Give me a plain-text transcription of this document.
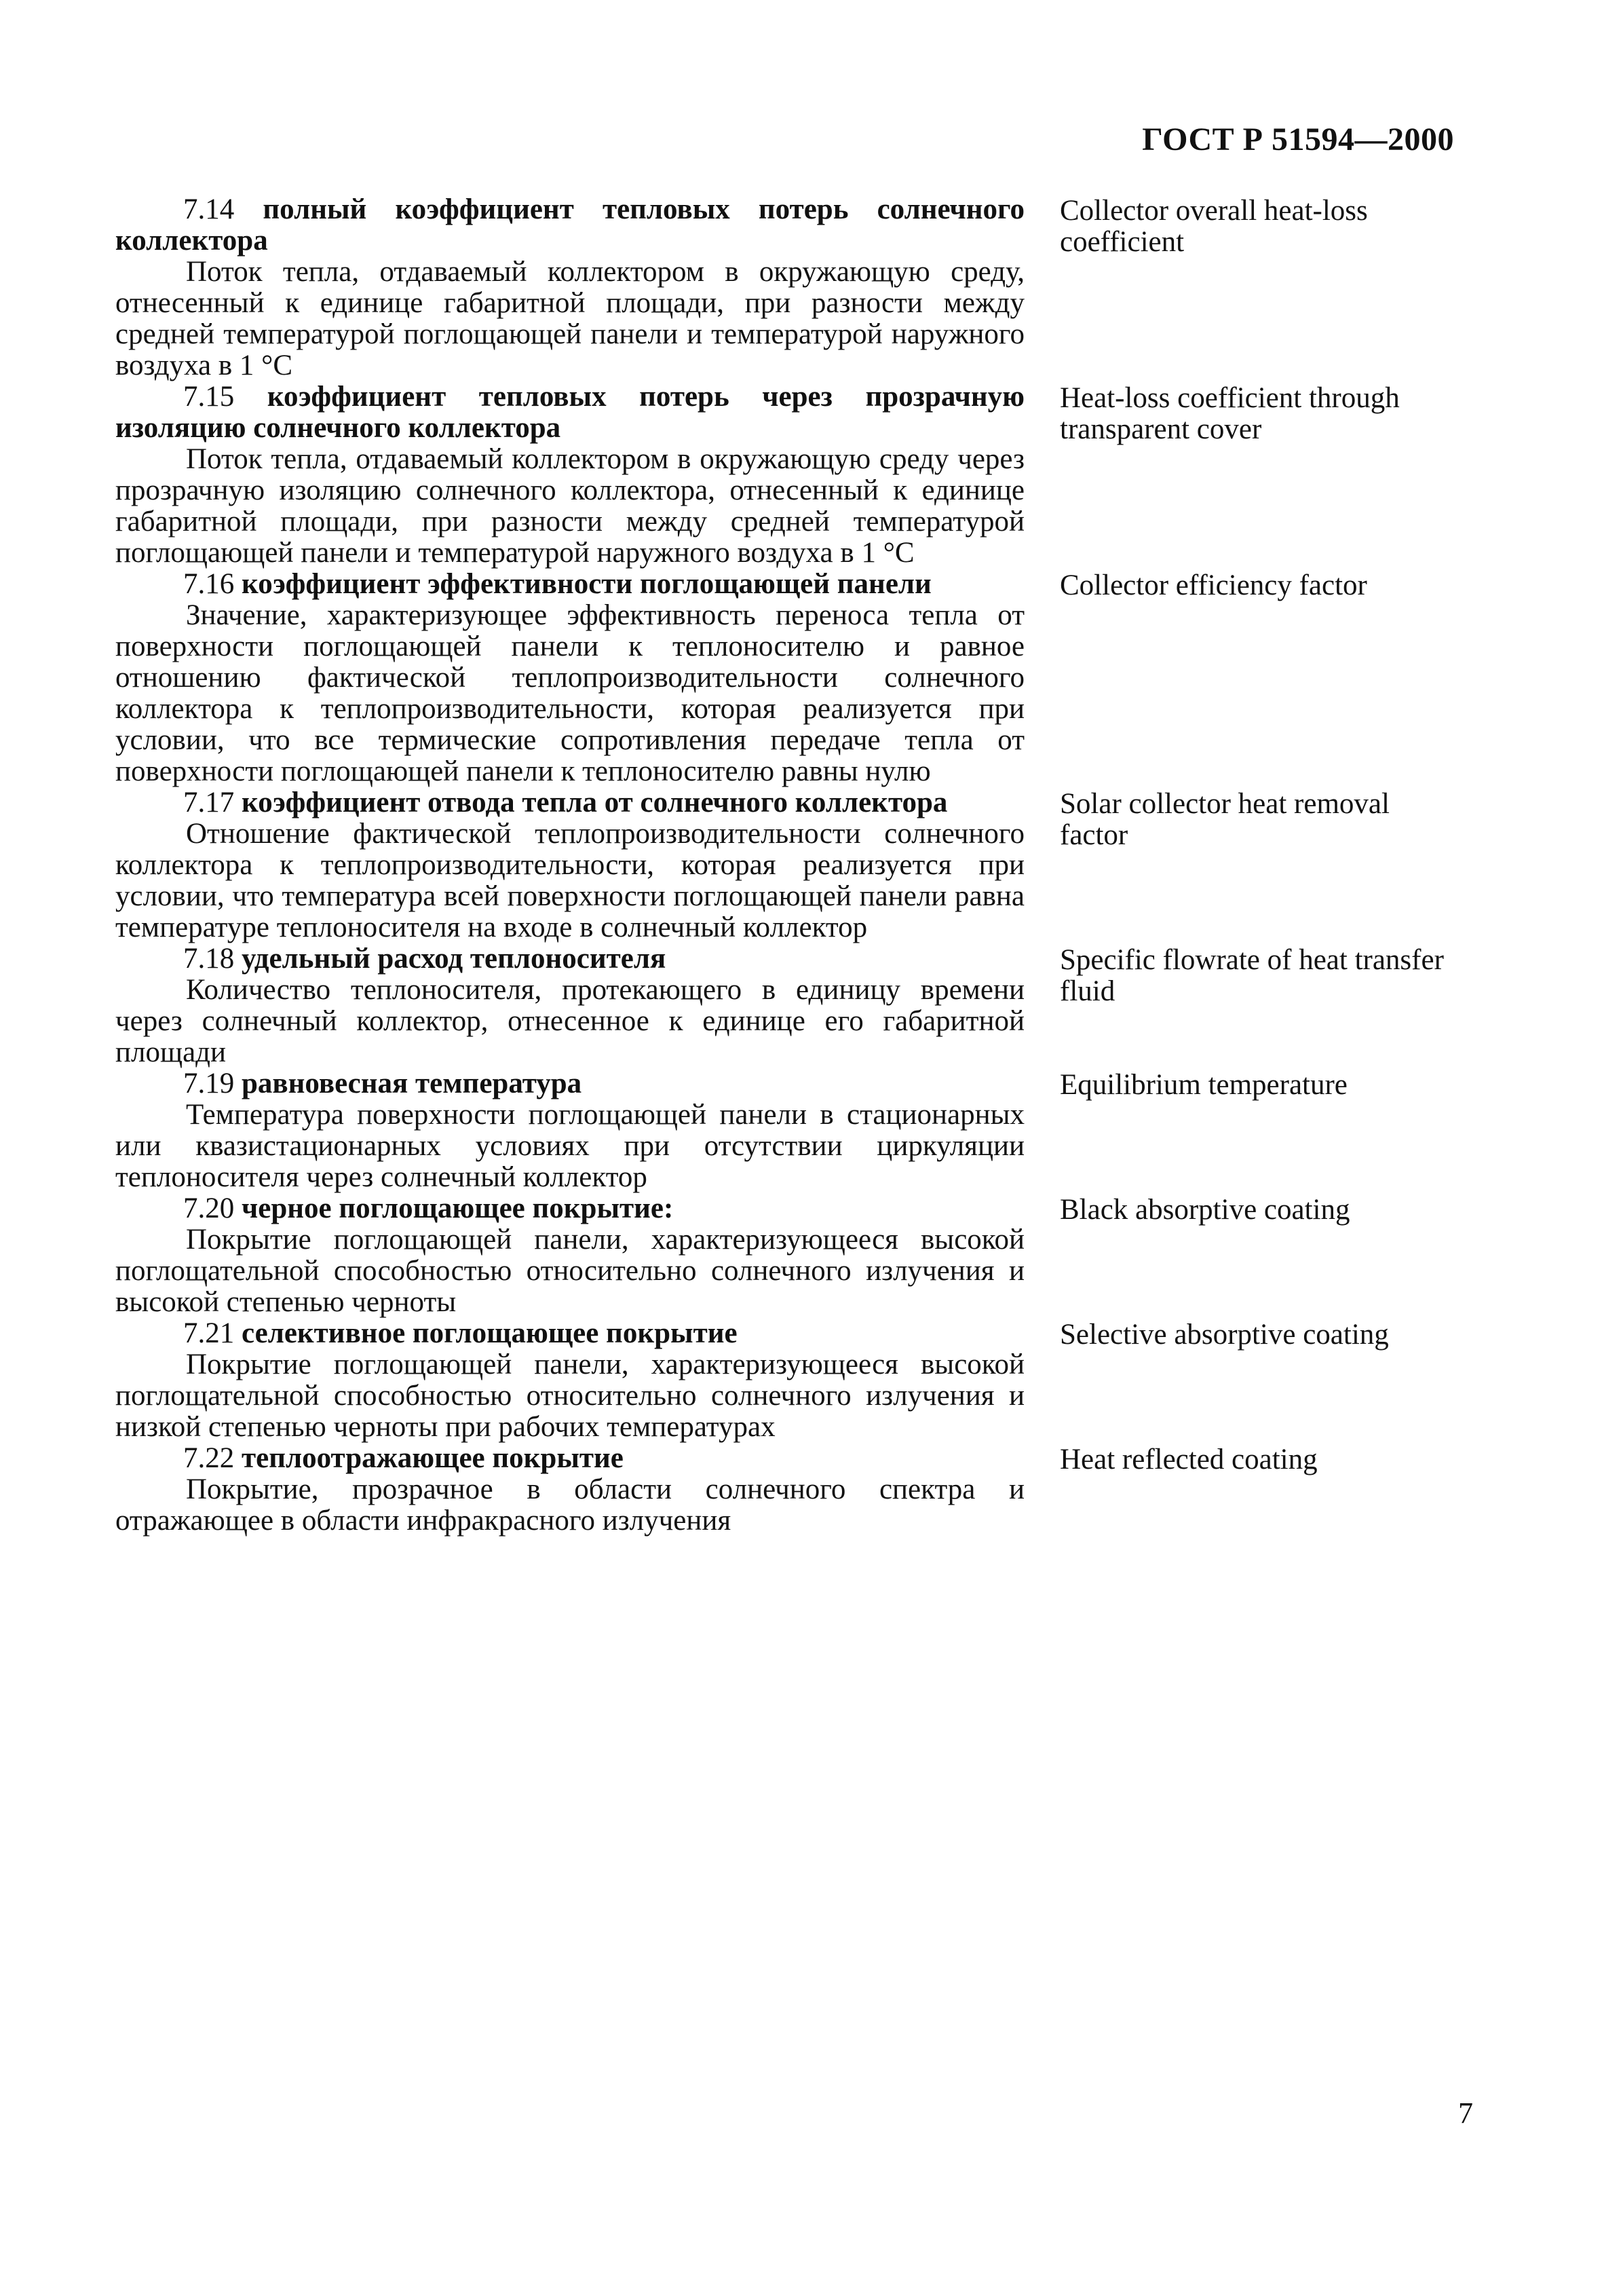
ГОСТ Р 51594—2000
7.14 полный коэффициент тепловых потерь солнечного коллектора
Поток тепла, отдаваемый коллектором в окружающую среду, отнесенный к единице габаритной площади, при разности между средней температурой поглощающей панели и температурой наружного воздуха в 1 °С
Collector overall heat-loss coefficient
7.15 коэффициент тепловых потерь через прозрачную изоляцию солнечного коллектора
Поток тепла, отдаваемый коллектором в окружающую среду через прозрачную изоляцию солнечного коллектора, отнесенный к единице габаритной площади, при разности между средней температурой поглощающей панели и температурой наружного воздуха в 1 °С
Heat-loss coefficient through transparent cover
7.16 коэффициент эффективности поглощающей панели
Значение, характеризующее эффективность переноса тепла от поверхности поглощающей панели к теплоносителю и равное отношению фактической теплопроизводительности солнечного коллектора к теплопроизводительности, которая реализуется при условии, что все термические сопротивления передаче тепла от поверхности поглощающей панели к теплоносителю равны нулю
Collector efficiency factor
7.17 коэффициент отвода тепла от солнечного коллектора
Отношение фактической теплопроизводительности солнечного коллектора к теплопроизводительности, которая реализуется при условии, что температура всей поверхности поглощающей панели равна температуре теплоносителя на входе в солнечный коллектор
Solar collector heat removal factor
7.18 удельный расход теплоносителя
Количество теплоносителя, протекающего в единицу времени через солнечный коллектор, отнесенное к единице его габаритной площади
Specific flowrate of heat transfer fluid
7.19 равновесная температура
Температура поверхности поглощающей панели в стационарных или квазистационарных условиях при отсутствии циркуляции теплоносителя через солнечный коллектор
Equilibrium temperature
7.20 черное поглощающее покрытие:
Покрытие поглощающей панели, характеризующееся высокой поглощательной способностью относительно солнечного излучения и высокой степенью черноты
Black absorptive coating
7.21 селективное поглощающее покрытие
Покрытие поглощающей панели, характеризующееся высокой поглощательной способностью относительно солнечного излучения и низкой степенью черноты при рабочих температурах
Selective absorptive coating
7.22 теплоотражающее покрытие
Покрытие, прозрачное в области солнечного спектра и отражающее в области инфракрасного излучения
Heat reflected coating
7
